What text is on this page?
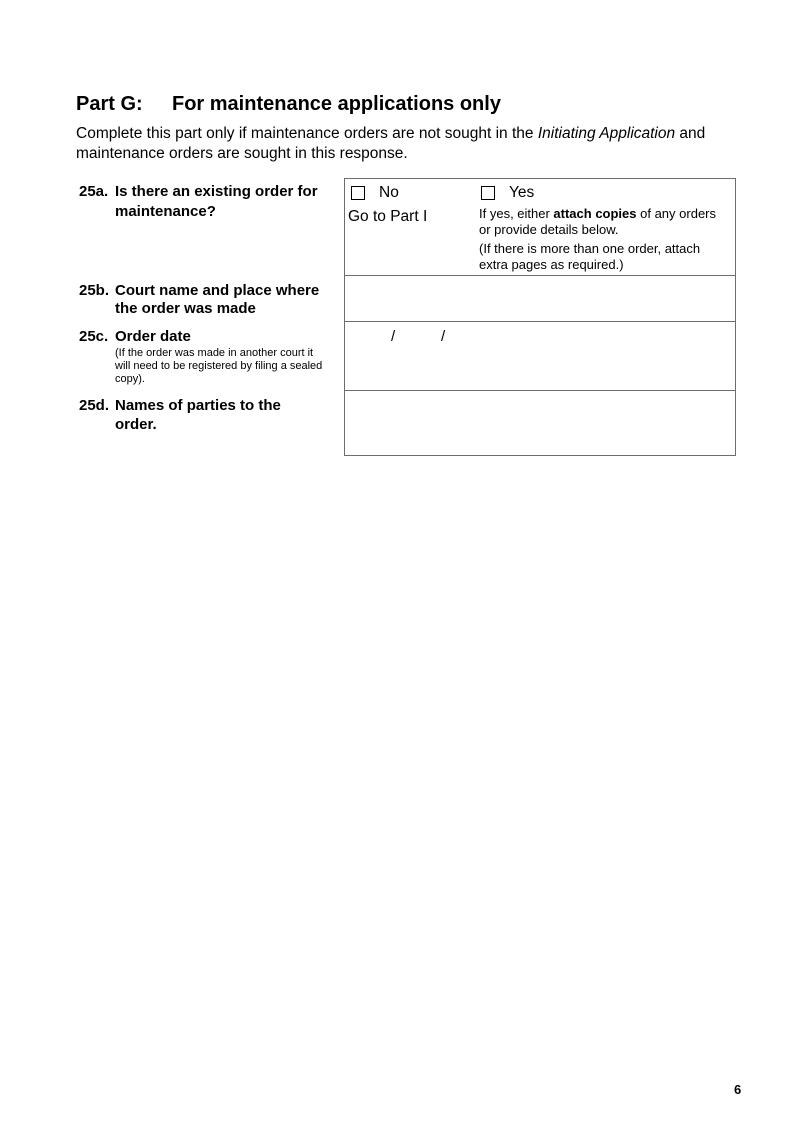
Part G: For maintenance applications only
Complete this part only if maintenance orders are not sought in the Initiating Application and maintenance orders are sought in this response.
25a. Is there an existing order for
maintenance?
No
Go to Part I
Yes
If yes, either attach copies of any orders
or provide details below.
(If there is more than one order, attach
extra pages as required.)
25b. Court name and place where
the order was made
25c. Order date
(If the order was made in another court it
will need to be registered by filing a sealed
copy).
/	/
25d. Names of parties to the
order.
6
